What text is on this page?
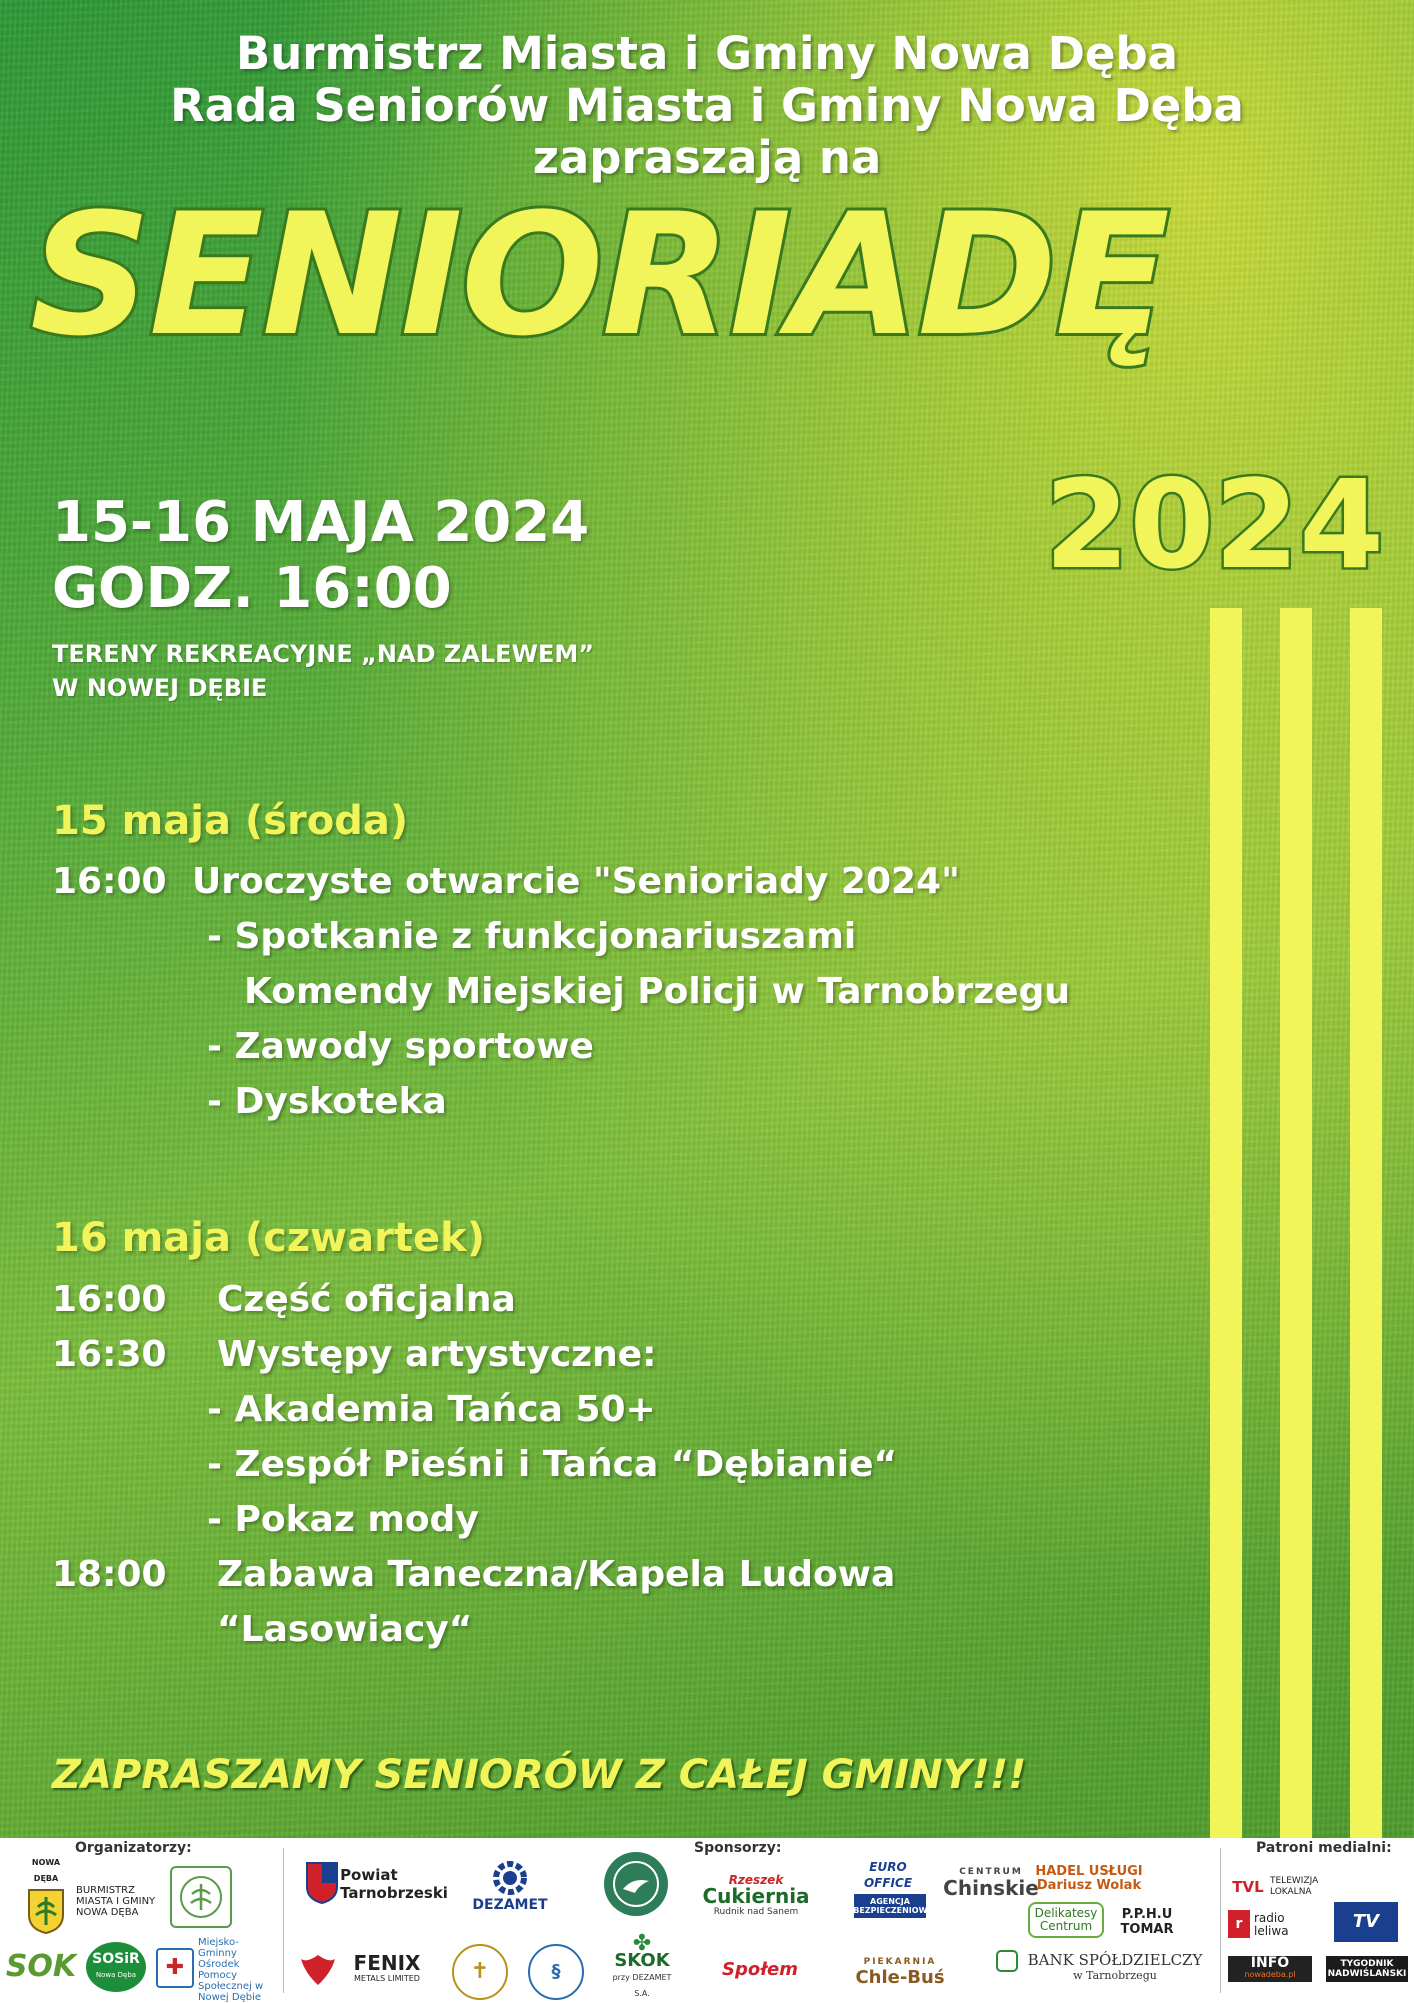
Burmistrz Miasta i Gminy Nowa Dęba
Rada Seniorów Miasta i Gminy Nowa Dęba
zapraszają na
SENIORIADĘ
2024
15-16 MAJA 2024
GODZ. 16:00
TERENY REKREACYJNE „NAD ZALEWEM”
W NOWEJ DĘBIE
15 maja (środa)
16:00 Uroczyste otwarcie "Senioriady 2024"
- Spotkanie z funkcjonariuszami
Komendy Miejskiej Policji w Tarnobrzegu
- Zawody sportowe
- Dyskoteka
16 maja (czwartek)
16:00 Część oficjalna
16:30 Występy artystyczne:
- Akademia Tańca 50+
- Zespół Pieśni i Tańca “Dębianie“
- Pokaz mody
18:00 Zabawa Taneczna/Kapela Ludowa
“Lasowiacy“
ZAPRASZAMY SENIORÓW Z CAŁEJ GMINY!!!
Organizatorzy:
NOWA DĘBA
BURMISTRZ MIASTA I GMINY NOWA DĘBA
SOK SOSiR
Nowa Dęba	✚
Miejsko-Gminny Ośrodek Pomocy Społecznej w Nowej Dębie
Sponsorzy:
Powiat Tarnobrzeski
DEZAMET
Rzeszek
Cukiernia
Rudnik nad Sanem
EURO OFFICE
AGENCJA UBEZPIECZENIOWA
CENTRUM
Chinskie
HADEL USŁUGI Dariusz Wolak
Delikatesy Centrum
P.P.H.U TOMAR
FENIX
METALS LIMITED	✝	§
✤
SKOK
przy DEZAMET S.A.
Społem	PIEKARNIA
Chle-Buś
BANK SPÓŁDZIELCZY
w Tarnobrzegu
Patroni medialni:
TVL TELEWIZJA LOKALNA
r radio leliwa	TV
INFO
nowadeba.pl
TYGODNIK NADWIŚLAŃSKI
